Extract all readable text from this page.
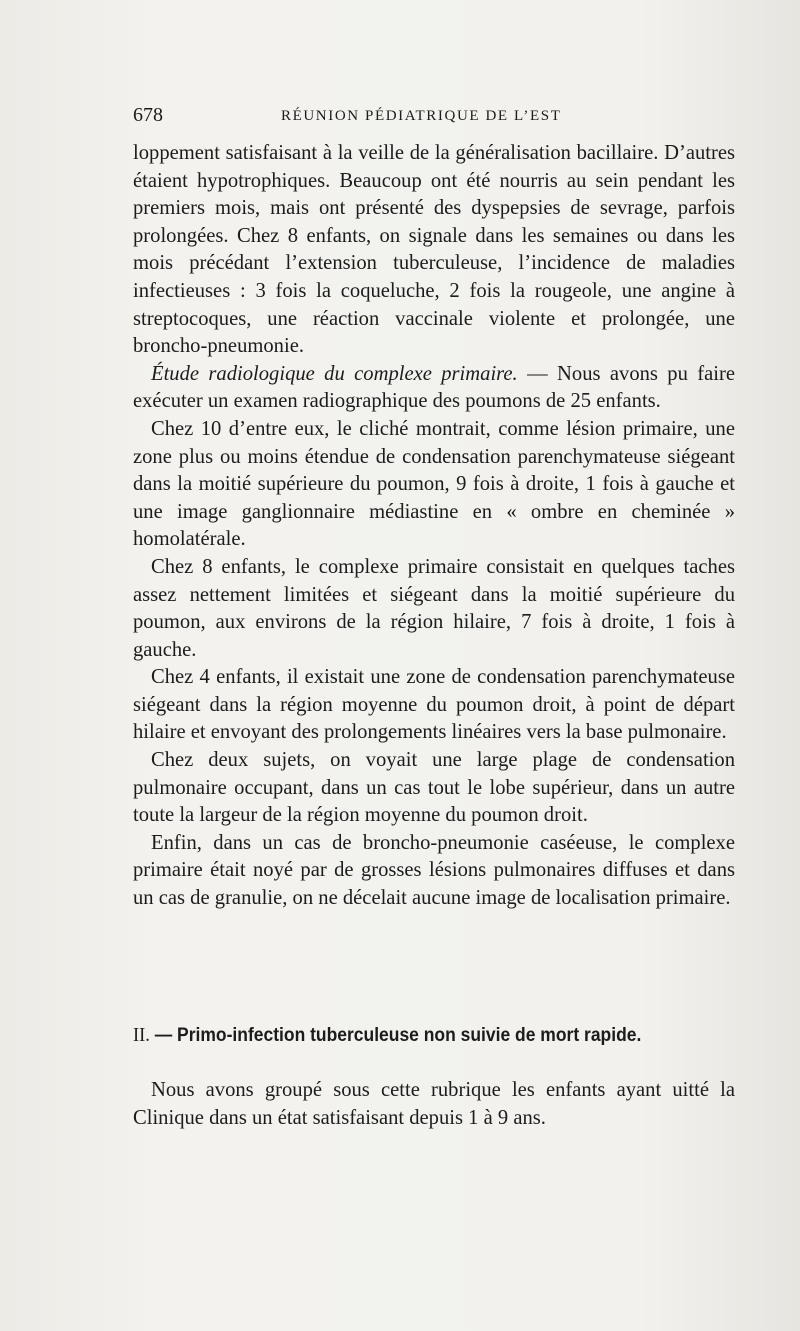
678	RÉUNION PÉDIATRIQUE DE L’EST

loppement satisfaisant à la veille de la généralisation bacillaire. D’autres étaient hypotrophiques. Beaucoup ont été nourris au sein pendant les premiers mois, mais ont présenté des dyspepsies de sevrage, parfois prolongées. Chez 8 enfants, on signale dans les semaines ou dans les mois précédant l’extension tuberculeuse, l’incidence de maladies infectieuses : 3 fois la coqueluche, 2 fois la rougeole, une angine à streptocoques, une réaction vaccinale violente et prolongée, une broncho-pneumonie.

Étude radiologique du complexe primaire. — Nous avons pu faire exécuter un examen radiographique des poumons de 25 enfants.

Chez 10 d’entre eux, le cliché montrait, comme lésion primaire, une zone plus ou moins étendue de condensation parenchymateuse siégeant dans la moitié supérieure du poumon, 9 fois à droite, 1 fois à gauche et une image ganglionnaire médiastine en « ombre en cheminée » homolatérale.

Chez 8 enfants, le complexe primaire consistait en quelques taches assez nettement limitées et siégeant dans la moitié supérieure du poumon, aux environs de la région hilaire, 7 fois à droite, 1 fois à gauche.

Chez 4 enfants, il existait une zone de condensation parenchymateuse siégeant dans la région moyenne du poumon droit, à point de départ hilaire et envoyant des prolongements linéaires vers la base pulmonaire.

Chez deux sujets, on voyait une large plage de condensation pulmonaire occupant, dans un cas tout le lobe supérieur, dans un autre toute la largeur de la région moyenne du poumon droit.

Enfin, dans un cas de broncho-pneumonie caséeuse, le complexe primaire était noyé par de grosses lésions pulmonaires diffuses et dans un cas de granulie, on ne décelait aucune image de localisation primaire.

II. — Primo-infection tuberculeuse non suivie de mort rapide.

Nous avons groupé sous cette rubrique les enfants ayant uitté la Clinique dans un état satisfaisant depuis 1 à 9 ans.
